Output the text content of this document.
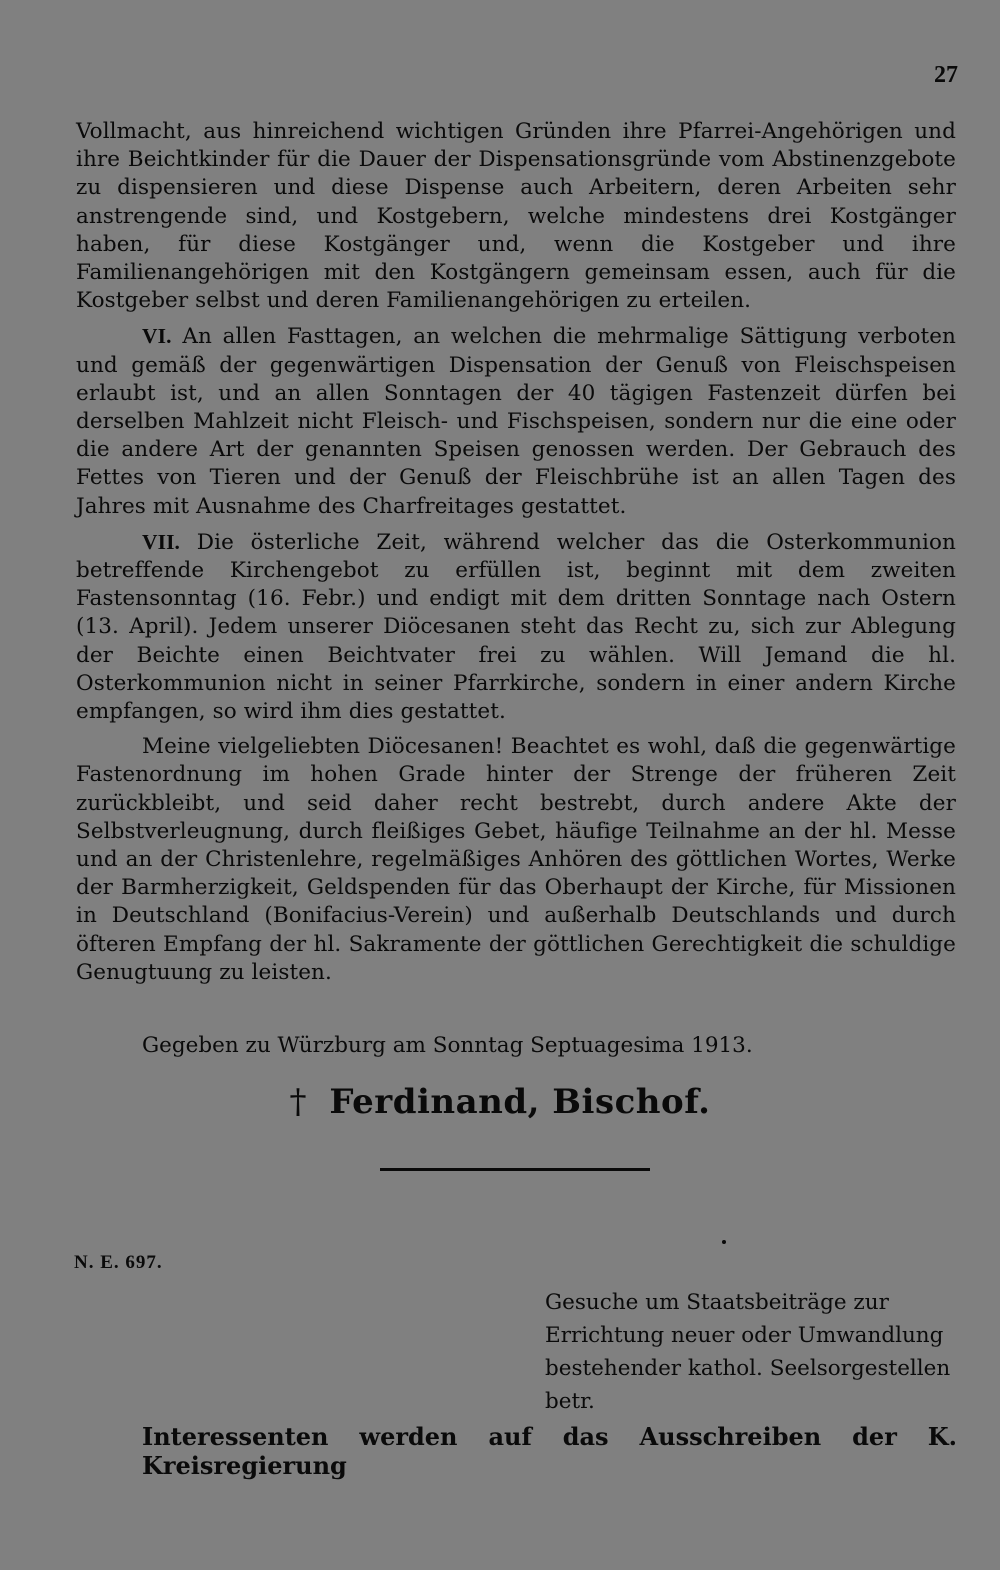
27

Vollmacht, aus hinreichend wichtigen Gründen ihre Pfarrei-Angehörigen und ihre Beichtkinder für die Dauer der Dispensationsgründe vom Abstinenzgebote zu dispensieren und diese Dispense auch Arbeitern, deren Arbeiten sehr anstrengende sind, und Kostgebern, welche mindestens drei Kostgänger haben, für diese Kostgänger und, wenn die Kostgeber und ihre Familienangehörigen mit den Kostgängern gemeinsam essen, auch für die Kostgeber selbst und deren Familienangehörigen zu erteilen.

VI. An allen Fasttagen, an welchen die mehrmalige Sättigung verboten und gemäß der gegenwärtigen Dispensation der Genuß von Fleischspeisen erlaubt ist, und an allen Sonntagen der 40 tägigen Fastenzeit dürfen bei derselben Mahlzeit nicht Fleisch- und Fischspeisen, sondern nur die eine oder die andere Art der genannten Speisen genossen werden. Der Gebrauch des Fettes von Tieren und der Genuß der Fleischbrühe ist an allen Tagen des Jahres mit Ausnahme des Charfreitages gestattet.

VII. Die österliche Zeit, während welcher das die Osterkommunion betreffende Kirchengebot zu erfüllen ist, beginnt mit dem zweiten Fastensonntag (16. Febr.) und endigt mit dem dritten Sonntage nach Ostern (13. April). Jedem unserer Diöcesanen steht das Recht zu, sich zur Ablegung der Beichte einen Beichtvater frei zu wählen. Will Jemand die hl. Osterkommunion nicht in seiner Pfarrkirche, sondern in einer andern Kirche empfangen, so wird ihm dies gestattet.

Meine vielgeliebten Diöcesanen! Beachtet es wohl, daß die gegenwärtige Fastenordnung im hohen Grade hinter der Strenge der früheren Zeit zurückbleibt, und seid daher recht bestrebt, durch andere Akte der Selbstverleugnung, durch fleißiges Gebet, häufige Teilnahme an der hl. Messe und an der Christenlehre, regelmäßiges Anhören des göttlichen Wortes, Werke der Barmherzigkeit, Geldspenden für das Oberhaupt der Kirche, für Missionen in Deutschland (Bonifacius-Verein) und außerhalb Deutschlands und durch öfteren Empfang der hl. Sakramente der göttlichen Gerechtigkeit die schuldige Genugtuung zu leisten.

Gegeben zu Würzburg am Sonntag Septuagesima 1913.
† Ferdinand, Bischof.
N. E. 697.
Gesuche um Staatsbeiträge zur
Errichtung neuer oder Umwandlung
bestehender kathol. Seelsorgestellen
betr.
Interessenten werden auf das Ausschreiben der K. Kreisregierung
